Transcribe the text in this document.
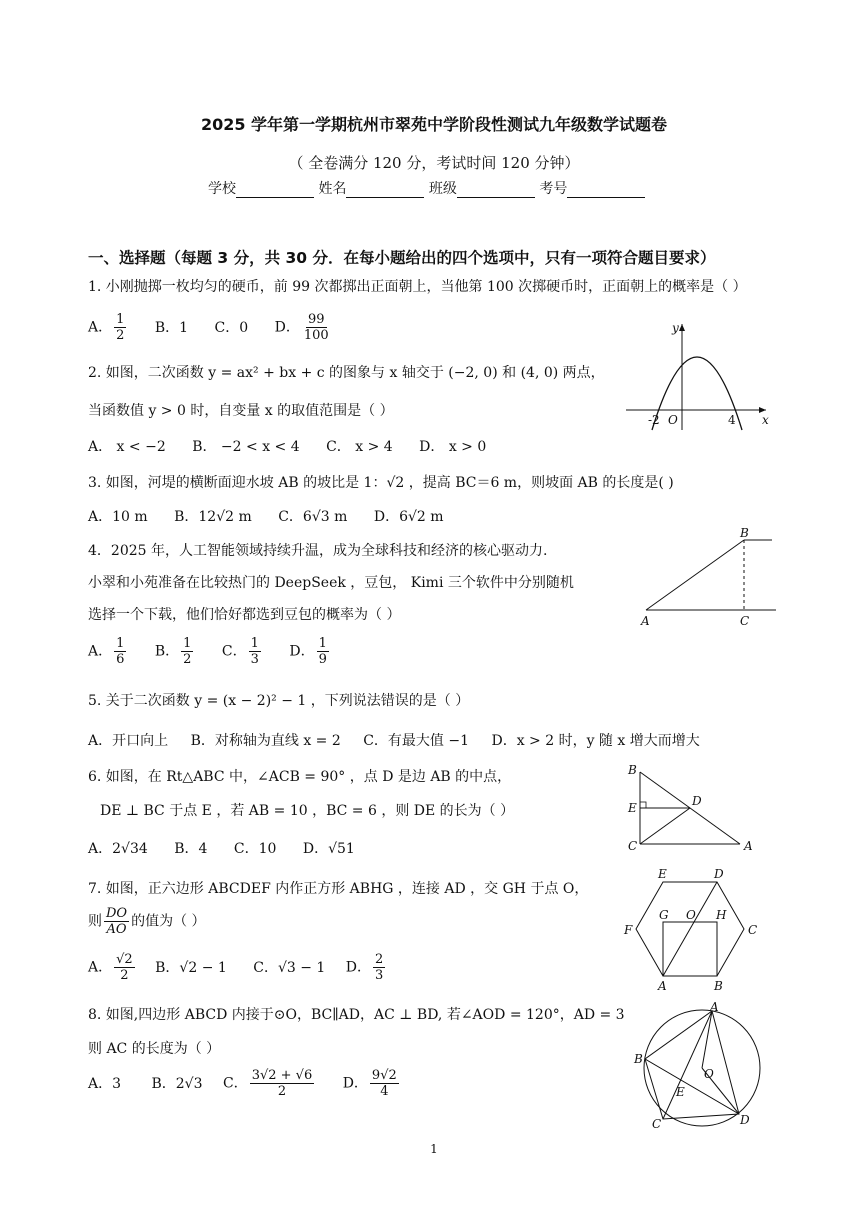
2025 学年第一学期杭州市翠苑中学阶段性测试九年级数学试题卷
（ 全卷满分 120 分，考试时间 120 分钟）
学校	姓名	班级	考号
一、选择题（每题 3 分，共 30 分．在每小题给出的四个选项中，只有一项符合题目要求）
1. 小刚抛掷一枚均匀的硬币，前 99 次都掷出正面朝上，当他第 100 次掷硬币时，正面朝上的概率是（ ）
A． $\frac{1}{2}$ B．1 C．0 D． $\frac{99}{100}$
2. 如图，二次函数 y = ax² + bx + c 的图象与 x 轴交于 (−2, 0) 和 (4, 0) 两点，
当函数值 y > 0 时，自变量 x 的取值范围是（ ）
A． x < −2 B． −2 < x < 4 C． x > 4 D． x > 0
y
x
O
-2	4
3. 如图，河堤的横断面迎水坡 AB 的坡比是 1：√2 ，提高 BC＝6 m，则坡面 AB 的长度是( )
A．10 m B．12√2 m C．6√3 m D．6√2 m
A
B
C
4．2025 年，人工智能领域持续升温，成为全球科技和经济的核心驱动力.
小翠和小苑准备在比较热门的 DeepSeek ，豆包， Kimi 三个软件中分别随机
选择一个下载，他们恰好都选到豆包的概率为（ ）
A． $\frac{1}{6}$ B． $\frac{1}{2}$ C． $\frac{1}{3}$ D． $\frac{1}{9}$
5. 关于二次函数 y = (x − 2)² − 1 ，下列说法错误的是（ ）
A．开口向上 B．对称轴为直线 x = 2 C．有最大值 −1 D．x > 2 时，y 随 x 增大而增大
6. 如图，在 Rt△ABC 中，∠ACB = 90° ，点 D 是边 AB 的中点，
DE ⊥ BC 于点 E ，若 AB = 10 ，BC = 6 ，则 DE 的长为（ ）
A．2√34 B．4 C．10 D．√51
B
E	D
C	A
7. 如图，正六边形 ABCDEF 内作正方形 ABHG ，连接 AD ，交 GH 于点 O，
则 $\frac{DO}{AO}$ 的值为（ ）
A． $\frac{√2}{2}$ B．√2 − 1 C．√3 − 1 D． $\frac{2}{3}$
E	D
F	C
G O H
A	B
8. 如图,四边形 ABCD 内接于⊙O，BC∥AD，AC ⊥ BD, 若∠AOD = 120°，AD = 3
则 AC 的长度为（ ）
A．3 B．2√3 C． $\frac{3√2 + √6}{2}$ D． $\frac{9√2}{4}$
A
B
C	D
E
O
1
